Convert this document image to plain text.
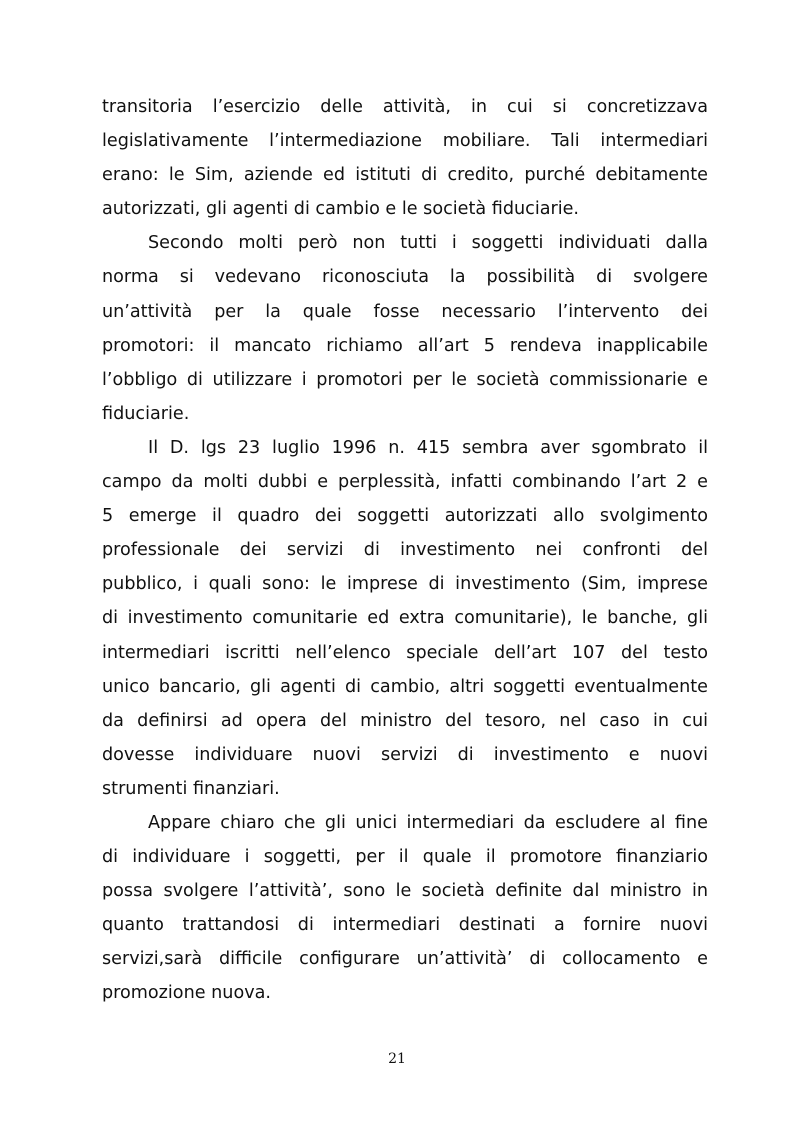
transitoria l’esercizio delle attività, in cui si concretizzava
legislativamente l’intermediazione mobiliare. Tali intermediari
erano: le Sim, aziende ed istituti di credito, purché debitamente
autorizzati, gli agenti di cambio e le società fiduciarie.

Secondo molti però non tutti i soggetti individuati dalla
norma si vedevano riconosciuta la possibilità di svolgere
un’attività per la quale fosse necessario l’intervento dei
promotori: il mancato richiamo all’art 5 rendeva inapplicabile
l’obbligo di utilizzare i promotori per le società commissionarie e
fiduciarie.

Il D. lgs 23 luglio 1996 n. 415 sembra aver sgombrato il
campo da molti dubbi e perplessità, infatti combinando l’art 2 e
5 emerge il quadro dei soggetti autorizzati allo svolgimento
professionale dei servizi di investimento nei confronti del
pubblico, i quali sono: le imprese di investimento (Sim, imprese
di investimento comunitarie ed extra comunitarie), le banche, gli
intermediari iscritti nell’elenco speciale dell’art 107 del testo
unico bancario, gli agenti di cambio, altri soggetti eventualmente
da definirsi ad opera del ministro del tesoro, nel caso in cui
dovesse individuare nuovi servizi di investimento e nuovi
strumenti finanziari.

Appare chiaro che gli unici intermediari da escludere al fine
di individuare i soggetti, per il quale il promotore finanziario
possa svolgere l’attività’, sono le società definite dal ministro in
quanto trattandosi di intermediari destinati a fornire nuovi
servizi,sarà difficile configurare un’attività’ di collocamento e
promozione nuova.

21
